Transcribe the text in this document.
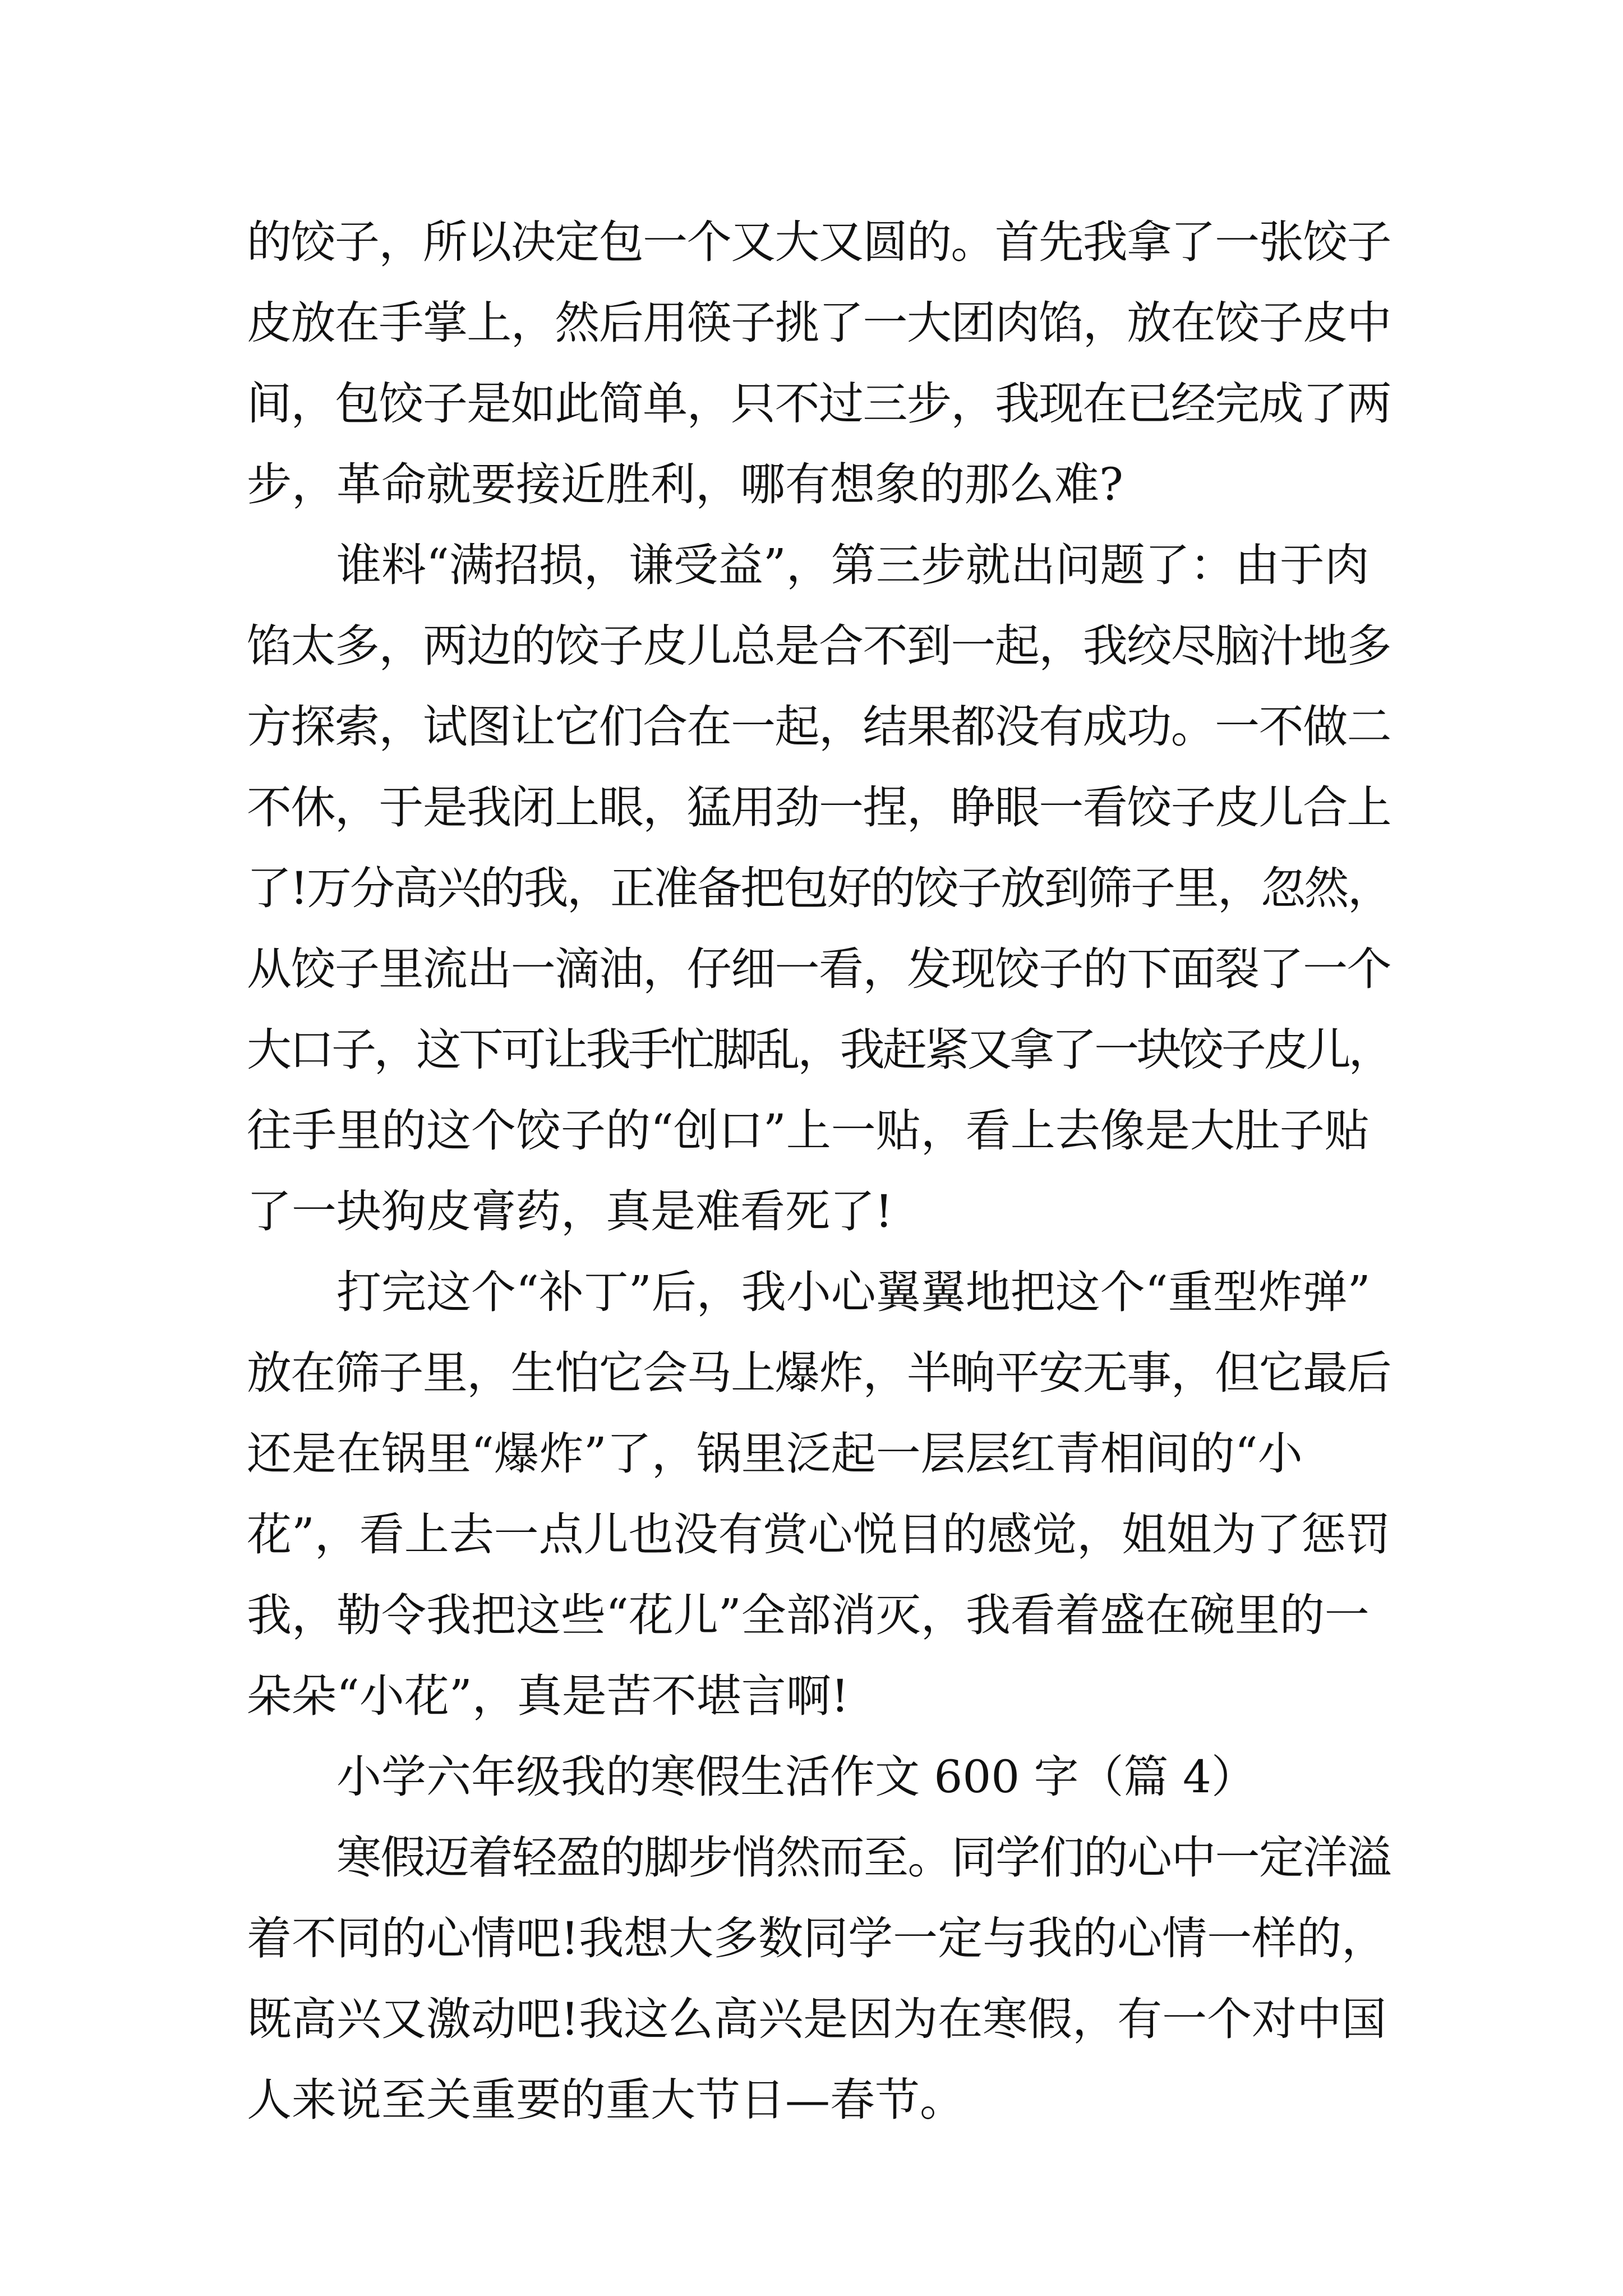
的饺子，所以决定包一个又大又圆的。首先我拿了一张饺子
皮放在手掌上，然后用筷子挑了一大团肉馅，放在饺子皮中
间，包饺子是如此简单，只不过三步，我现在已经完成了两
步，革命就要接近胜利，哪有想象的那么难?
谁料“满招损，谦受益”，第三步就出问题了：由于肉
馅太多，两边的饺子皮儿总是合不到一起，我绞尽脑汁地多
方探索，试图让它们合在一起，结果都没有成功。一不做二
不休，于是我闭上眼，猛用劲一捏，睁眼一看饺子皮儿合上
了!万分高兴的我，正准备把包好的饺子放到筛子里，忽然，
从饺子里流出一滴油，仔细一看，发现饺子的下面裂了一个
大口子，这下可让我手忙脚乱，我赶紧又拿了一块饺子皮儿，
往手里的这个饺子的“创口”上一贴，看上去像是大肚子贴
了一块狗皮膏药，真是难看死了!
打完这个“补丁”后，我小心翼翼地把这个“重型炸弹”
放在筛子里，生怕它会马上爆炸，半晌平安无事，但它最后
还是在锅里“爆炸”了，锅里泛起一层层红青相间的“小
花”，看上去一点儿也没有赏心悦目的感觉，姐姐为了惩罚
我，勒令我把这些“花儿”全部消灭，我看着盛在碗里的一
朵朵“小花”，真是苦不堪言啊!
小学六年级我的寒假生活作文 600 字（篇 4）
寒假迈着轻盈的脚步悄然而至。同学们的心中一定洋溢
着不同的心情吧!我想大多数同学一定与我的心情一样的，
既高兴又激动吧!我这么高兴是因为在寒假，有一个对中国
人来说至关重要的重大节日—春节。
